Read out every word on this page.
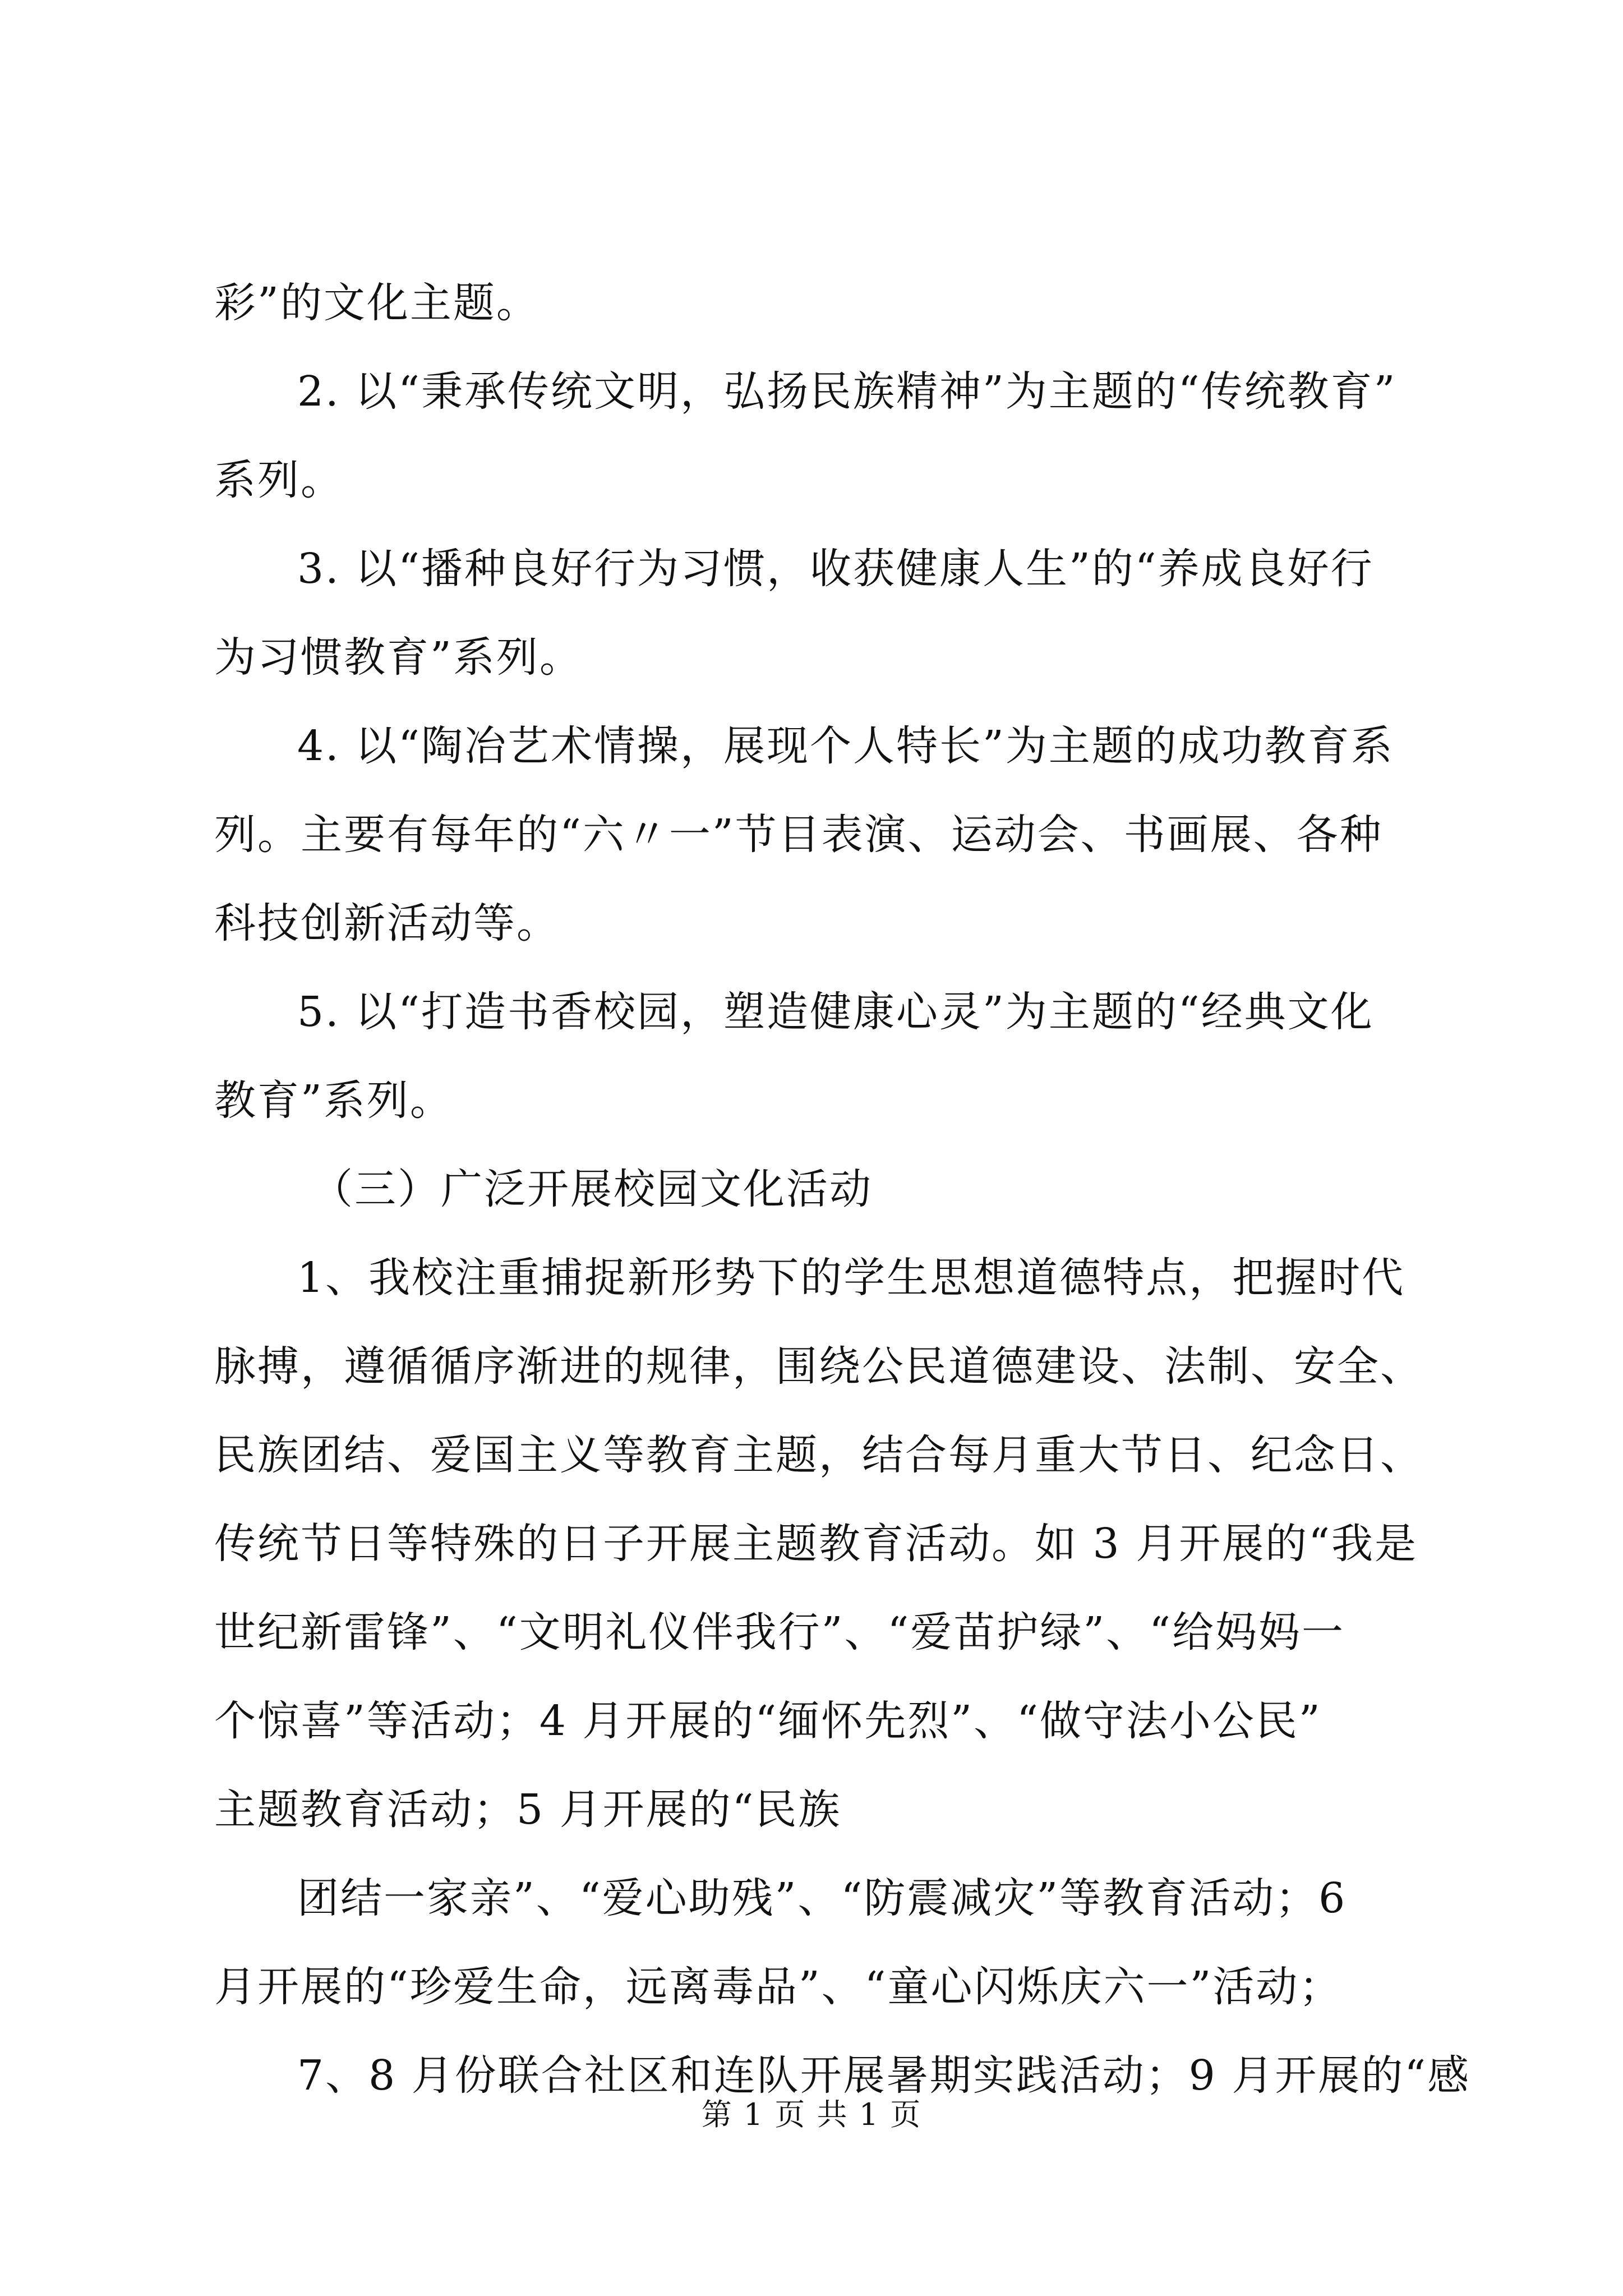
彩”的文化主题。

2. 以“秉承传统文明，弘扬民族精神”为主题的“传统教育”

系列。

3. 以“播种良好行为习惯，收获健康人生”的“养成良好行

为习惯教育”系列。

4. 以“陶冶艺术情操，展现个人特长”为主题的成功教育系

列。主要有每年的“六〃一”节目表演、运动会、书画展、各种

科技创新活动等。

5. 以“打造书香校园，塑造健康心灵”为主题的“经典文化

教育”系列。

（三）广泛开展校园文化活动

1、我校注重捕捉新形势下的学生思想道德特点，把握时代

脉搏，遵循循序渐进的规律，围绕公民道德建设、法制、安全、

民族团结、爱国主义等教育主题，结合每月重大节日、纪念日、

传统节日等特殊的日子开展主题教育活动。如 3 月开展的“我是

世纪新雷锋”、“文明礼仪伴我行”、“爱苗护绿”、“给妈妈一

个惊喜”等活动；4 月开展的“缅怀先烈”、“做守法小公民”

主题教育活动；5 月开展的“民族

团结一家亲”、“爱心助残”、“防震减灾”等教育活动；6

月开展的“珍爱生命，远离毒品”、“童心闪烁庆六一”活动；

7、8 月份联合社区和连队开展暑期实践活动；9 月开展的“感

第 1 页 共 1 页
